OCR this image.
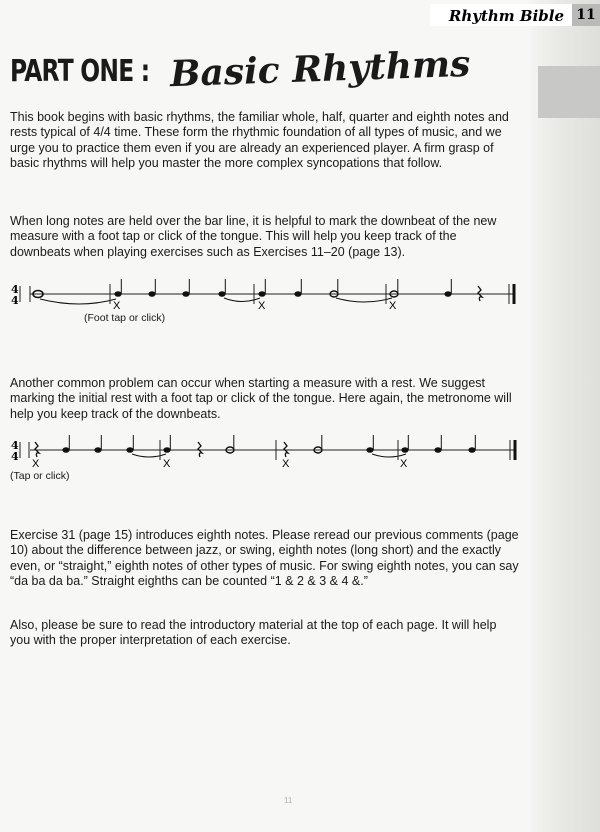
Rhythm Bible 11
PART ONE : Basic Rhythms

This book begins with basic rhythms, the familiar whole, half, quarter and eighth notes and rests typical of 4/4 time. These form the rhythmic foundation of all types of music, and we urge you to practice them even if you are already an experienced player. A firm grasp of basic rhythms will help you master the more complex syncopations that follow.

When long notes are held over the bar line, it is helpful to mark the downbeat of the new measure with a foot tap or click of the tongue. This will help you keep track of the downbeats when playing exercises such as Exercises 11–20 (page 13).

4
4	X	X	X
(Foot tap or click)

Another common problem can occur when starting a measure with a rest. We suggest marking the initial rest with a foot tap or click of the tongue. Here again, the metronome will help you keep track of the downbeats.

4
4
X	X	X	X
(Tap or click)

Exercise 31 (page 15) introduces eighth notes. Please reread our previous comments (page 10) about the difference between jazz, or swing, eighth notes (long short) and the exactly even, or “straight,” eighth notes of other types of music. For swing eighth notes, you can say “da ba da ba.” Straight eighths can be counted “1 & 2 & 3 & 4 &.”

Also, please be sure to read the introductory material at the top of each page. It will help you with the proper interpretation of each exercise.

11
